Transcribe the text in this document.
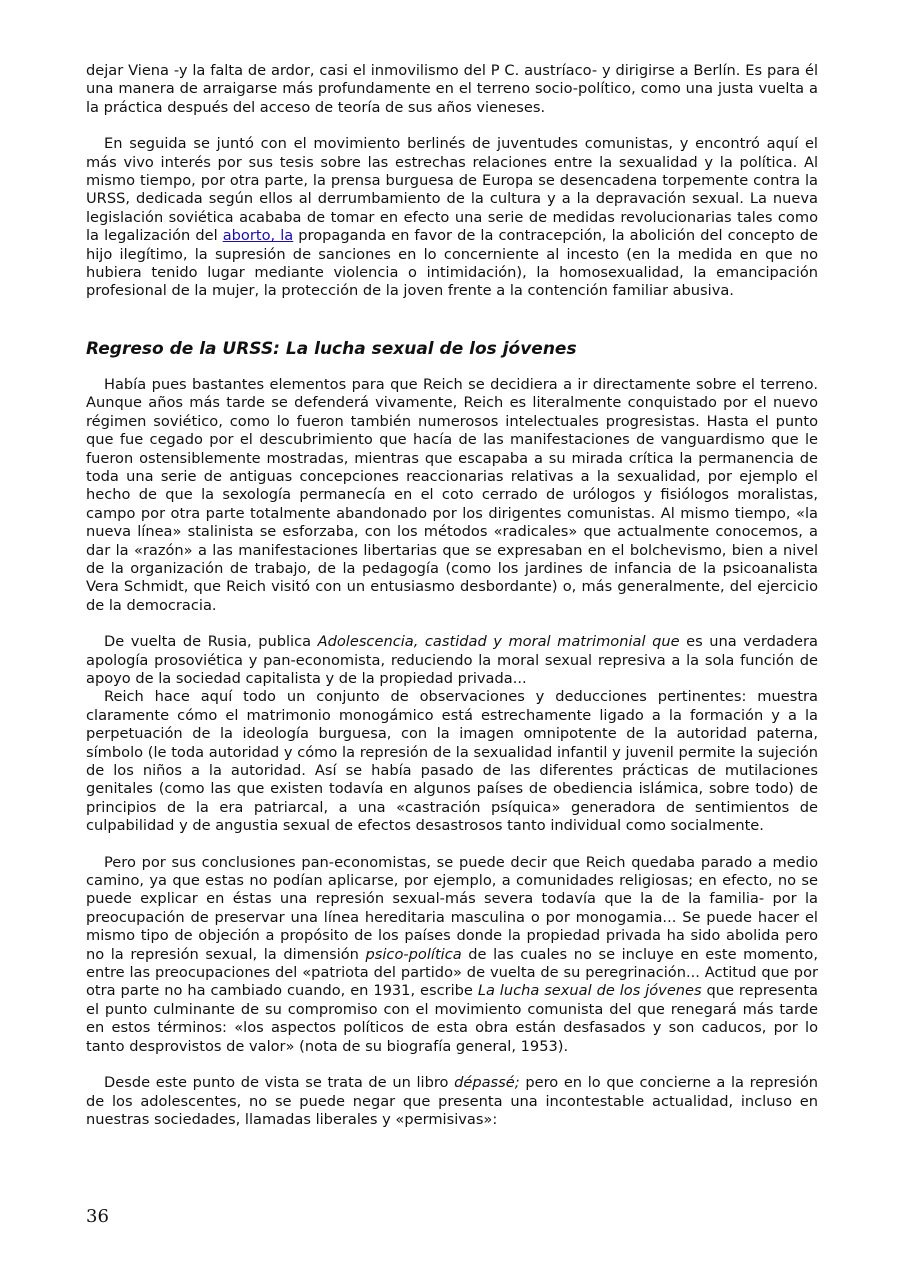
dejar Viena -y la falta de ardor, casi el inmovilismo del P C. austríaco- y dirigirse a Berlín. Es para él una manera de arraigarse más profundamente en el terreno socio-político, como una justa vuelta a la práctica después del acceso de teoría de sus años vieneses.

En seguida se juntó con el movimiento berlinés de juventudes comunistas, y encontró aquí el más vivo interés por sus tesis sobre las estrechas relaciones entre la sexualidad y la política. Al mismo tiempo, por otra parte, la prensa burguesa de Europa se desencadena torpemente contra la URSS, dedicada según ellos al derrumbamiento de la cultura y a la depravación sexual. La nueva legislación soviética acababa de tomar en efecto una serie de medidas revolucionarias tales como la legalización del aborto, la propaganda en favor de la contracepción, la abolición del concepto de hijo ilegítimo, la supresión de sanciones en lo concerniente al incesto (en la medida en que no hubiera tenido lugar mediante violencia o intimidación), la homosexualidad, la emancipación profesional de la mujer, la protección de la joven frente a la contención familiar abusiva.

Regreso de la URSS: La lucha sexual de los jóvenes

Había pues bastantes elementos para que Reich se decidiera a ir directamente sobre el terreno. Aunque años más tarde se defenderá vivamente, Reich es literalmente conquistado por el nuevo régimen soviético, como lo fueron también numerosos intelectuales progresistas. Hasta el punto que fue cegado por el descubrimiento que hacía de las manifestaciones de vanguardismo que le fueron ostensiblemente mostradas, mientras que escapaba a su mirada crítica la permanencia de toda una serie de antiguas concepciones reaccionarias relativas a la sexualidad, por ejemplo el hecho de que la sexología permanecía en el coto cerrado de urólogos y fisiólogos moralistas, campo por otra parte totalmente abandonado por los dirigentes comunistas. Al mismo tiempo, «la nueva línea» stalinista se esforzaba, con los métodos «radicales» que actualmente conocemos, a dar la «razón» a las manifestaciones libertarias que se expresaban en el bolchevismo, bien a nivel de la organización de trabajo, de la pedagogía (como los jardines de infancia de la psicoanalista Vera Schmidt, que Reich visitó con un entusiasmo desbordante) o, más generalmente, del ejercicio de la democracia.

De vuelta de Rusia, publica Adolescencia, castidad y moral matrimonial que es una verdadera apología prosoviética y pan-economista, reduciendo la moral sexual represiva a la sola función de apoyo de la sociedad capitalista y de la propiedad privada...

Reich hace aquí todo un conjunto de observaciones y deducciones pertinentes: muestra claramente cómo el matrimonio monogámico está estrechamente ligado a la formación y a la perpetuación de la ideología burguesa, con la imagen omnipotente de la autoridad paterna, símbolo (le toda autoridad y cómo la represión de la sexualidad infantil y juvenil permite la sujeción de los niños a la autoridad. Así se había pasado de las diferentes prácticas de mutilaciones genitales (como las que existen todavía en algunos países de obediencia islámica, sobre todo) de principios de la era patriarcal, a una «castración psíquica» generadora de sentimientos de culpabilidad y de angustia sexual de efectos desastrosos tanto individual como socialmente.

Pero por sus conclusiones pan-economistas, se puede decir que Reich quedaba parado a medio camino, ya que estas no podían aplicarse, por ejemplo, a comunidades religiosas; en efecto, no se puede explicar en éstas una represión sexual-más severa todavía que la de la familia- por la preocupación de preservar una línea hereditaria masculina o por monogamia... Se puede hacer el mismo tipo de objeción a propósito de los países donde la propiedad privada ha sido abolida pero no la represión sexual, la dimensión psico-política de las cuales no se incluye en este momento, entre las preocupaciones del «patriota del partido» de vuelta de su peregrinación... Actitud que por otra parte no ha cambiado cuando, en 1931, escribe La lucha sexual de los jóvenes que representa el punto culminante de su compromiso con el movimiento comunista del que renegará más tarde en estos términos: «los aspectos políticos de esta obra están desfasados y son caducos, por lo tanto desprovistos de valor» (nota de su biografía general, 1953).

Desde este punto de vista se trata de un libro dépassé; pero en lo que concierne a la represión de los adolescentes, no se puede negar que presenta una incontestable actualidad, incluso en nuestras sociedades, llamadas liberales y «permisivas»:

36
